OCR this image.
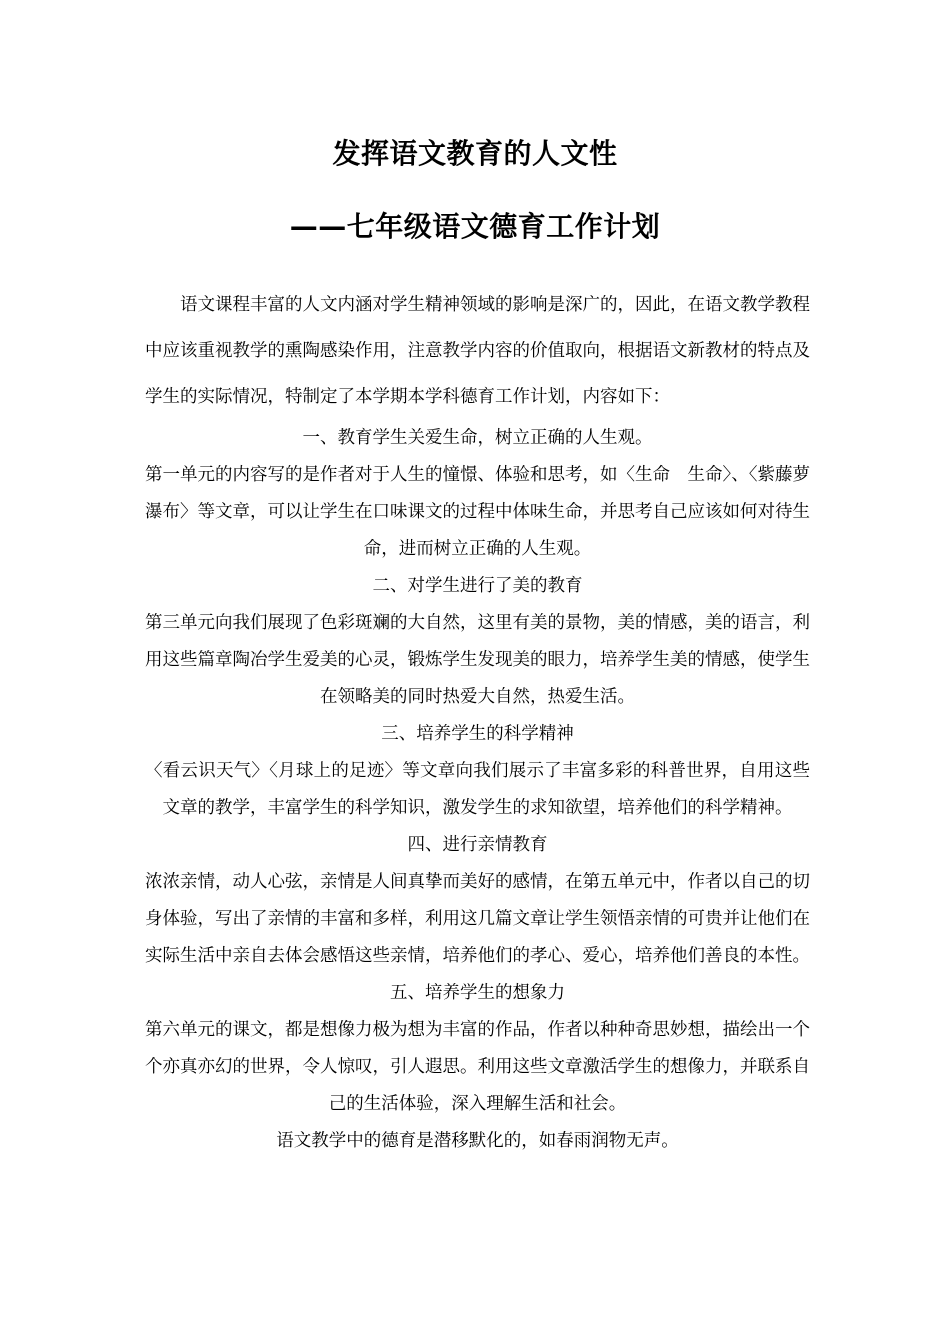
发挥语文教育的人文性
——七年级语文德育工作计划

语文课程丰富的人文内涵对学生精神领域的影响是深广的，因此，在语文教学教程中应该重视教学的熏陶感染作用，注意教学内容的价值取向，根据语文新教材的特点及学生的实际情况，特制定了本学期本学科德育工作计划，内容如下：

一、教育学生关爱生命，树立正确的人生观。

第一单元的内容写的是作者对于人生的憧憬、体验和思考，如〈生命　生命〉、〈紫藤萝瀑布〉等文章，可以让学生在口味课文的过程中体味生命，并思考自己应该如何对待生命，进而树立正确的人生观。

二、对学生进行了美的教育

第三单元向我们展现了色彩斑斓的大自然，这里有美的景物，美的情感，美的语言，利用这些篇章陶冶学生爱美的心灵，锻炼学生发现美的眼力，培养学生美的情感，使学生在领略美的同时热爱大自然，热爱生活。

三、培养学生的科学精神

〈看云识天气〉〈月球上的足迹〉等文章向我们展示了丰富多彩的科普世界，自用这些文章的教学，丰富学生的科学知识，激发学生的求知欲望，培养他们的科学精神。

四、进行亲情教育

浓浓亲情，动人心弦，亲情是人间真挚而美好的感情，在第五单元中，作者以自己的切身体验，写出了亲情的丰富和多样，利用这几篇文章让学生领悟亲情的可贵并让他们在实际生活中亲自去体会感悟这些亲情，培养他们的孝心、爱心，培养他们善良的本性。

五、培养学生的想象力

第六单元的课文，都是想像力极为想为丰富的作品，作者以种种奇思妙想，描绘出一个个亦真亦幻的世界，令人惊叹，引人遐思。利用这些文章激活学生的想像力，并联系自己的生活体验，深入理解生活和社会。

语文教学中的德育是潜移默化的，如春雨润物无声。
